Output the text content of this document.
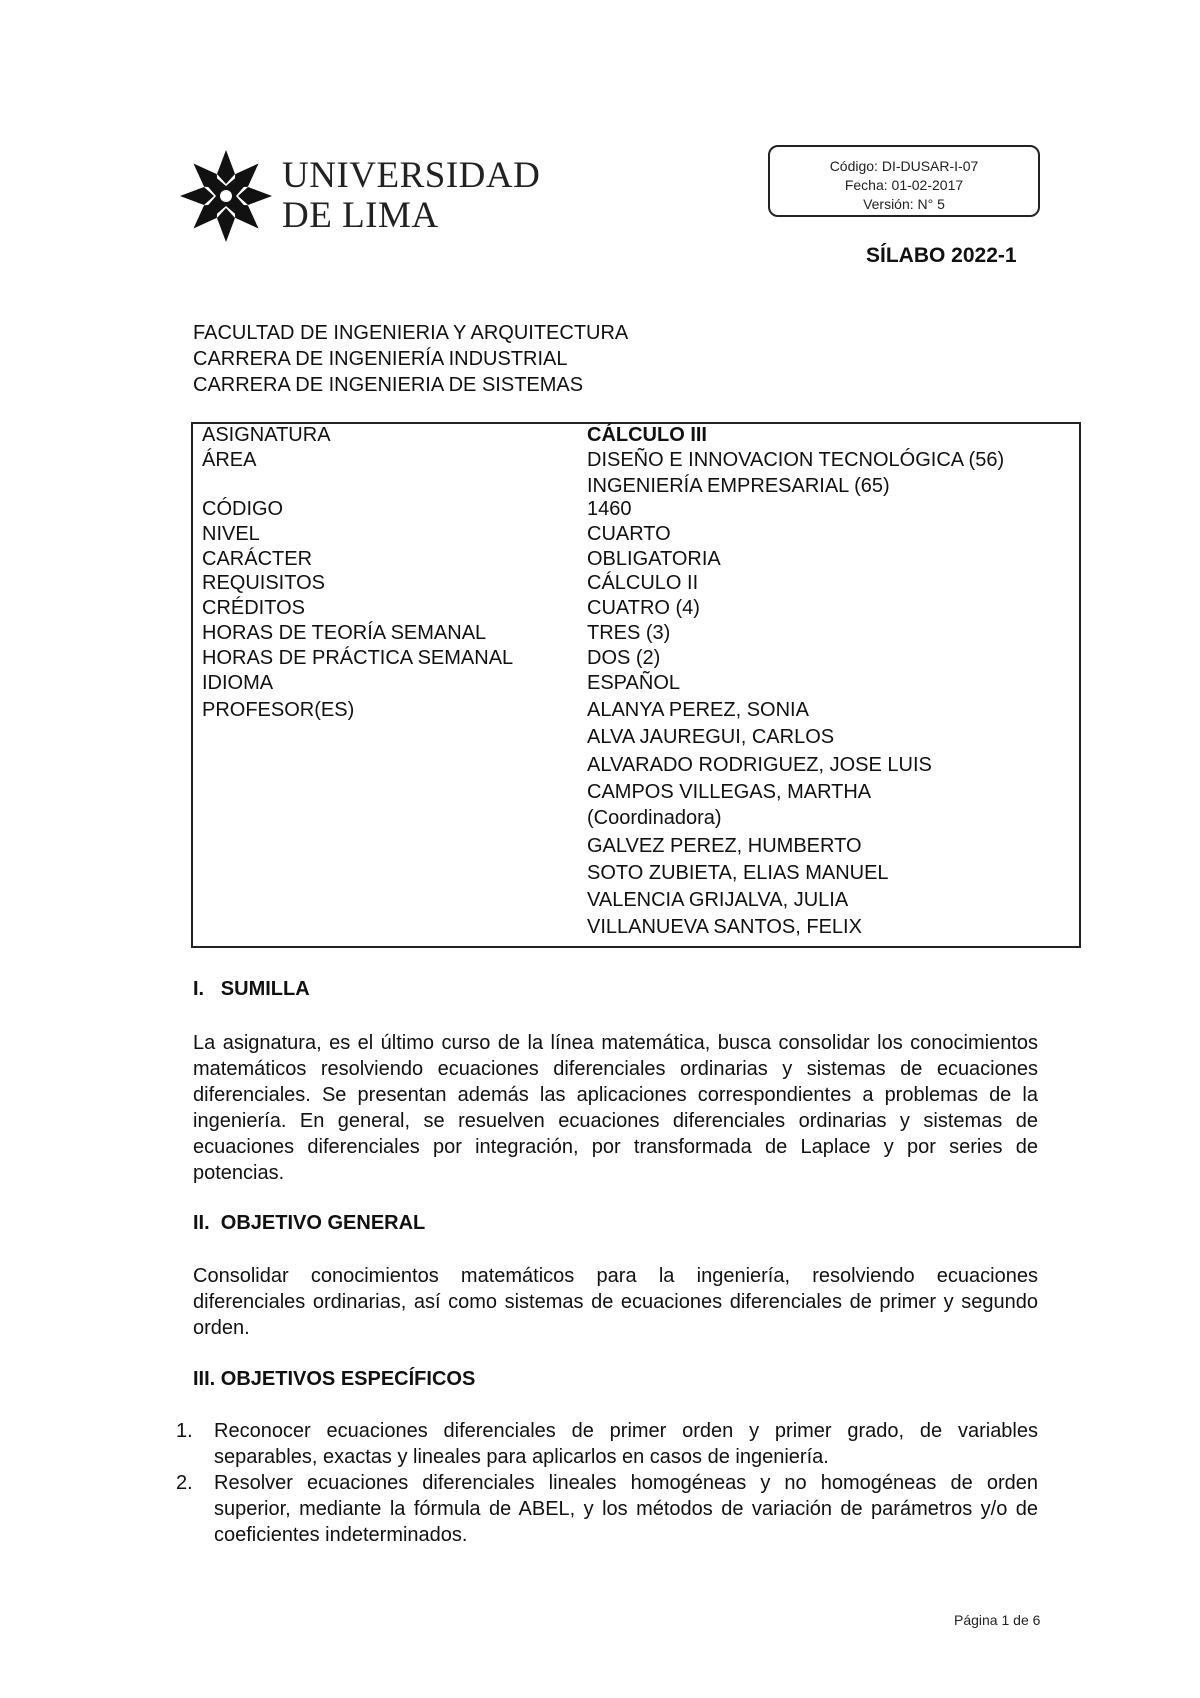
UNIVERSIDAD
DE LIMA
Código: DI-DUSAR-I-07
Fecha: 01-02-2017
Versión: N° 5
SÍLABO 2022-1
FACULTAD DE INGENIERIA Y ARQUITECTURA
CARRERA DE INGENIERÍA INDUSTRIAL
CARRERA DE INGENIERIA DE SISTEMAS
ASIGNATURA	CÁLCULO III
ÁREA	DISEÑO E INNOVACION TECNOLÓGICA (56)
INGENIERÍA EMPRESARIAL (65)
CÓDIGO	1460
NIVEL	CUARTO
CARÁCTER	OBLIGATORIA
REQUISITOS	CÁLCULO II
CRÉDITOS	CUATRO (4)
HORAS DE TEORÍA SEMANAL	TRES (3)
HORAS DE PRÁCTICA SEMANAL	DOS (2)
IDIOMA	ESPAÑOL
PROFESOR(ES)	ALANYA PEREZ, SONIA
ALVA JAUREGUI, CARLOS
ALVARADO RODRIGUEZ, JOSE LUIS
CAMPOS VILLEGAS, MARTHA
(Coordinadora)
GALVEZ PEREZ, HUMBERTO
SOTO ZUBIETA, ELIAS MANUEL
VALENCIA GRIJALVA, JULIA
VILLANUEVA SANTOS, FELIX
I.   SUMILLA
La asignatura, es el último curso de la línea matemática, busca consolidar los conocimientos matemáticos resolviendo ecuaciones diferenciales ordinarias y sistemas de ecuaciones diferenciales. Se presentan además las aplicaciones correspondientes a problemas de la ingeniería. En general, se resuelven ecuaciones diferenciales ordinarias y sistemas de ecuaciones diferenciales por integración, por transformada de Laplace y por series de potencias.
II.  OBJETIVO GENERAL
Consolidar conocimientos matemáticos para la ingeniería, resolviendo ecuaciones diferenciales ordinarias, así como sistemas de ecuaciones diferenciales de primer y segundo orden.
III. OBJETIVOS ESPECÍFICOS
1. Reconocer ecuaciones diferenciales de primer orden y primer grado, de variables separables, exactas y lineales para aplicarlos en casos de ingeniería.
2. Resolver ecuaciones diferenciales lineales homogéneas y no homogéneas de orden superior, mediante la fórmula de ABEL, y los métodos de variación de parámetros y/o de coeficientes indeterminados.
Página 1 de 6
